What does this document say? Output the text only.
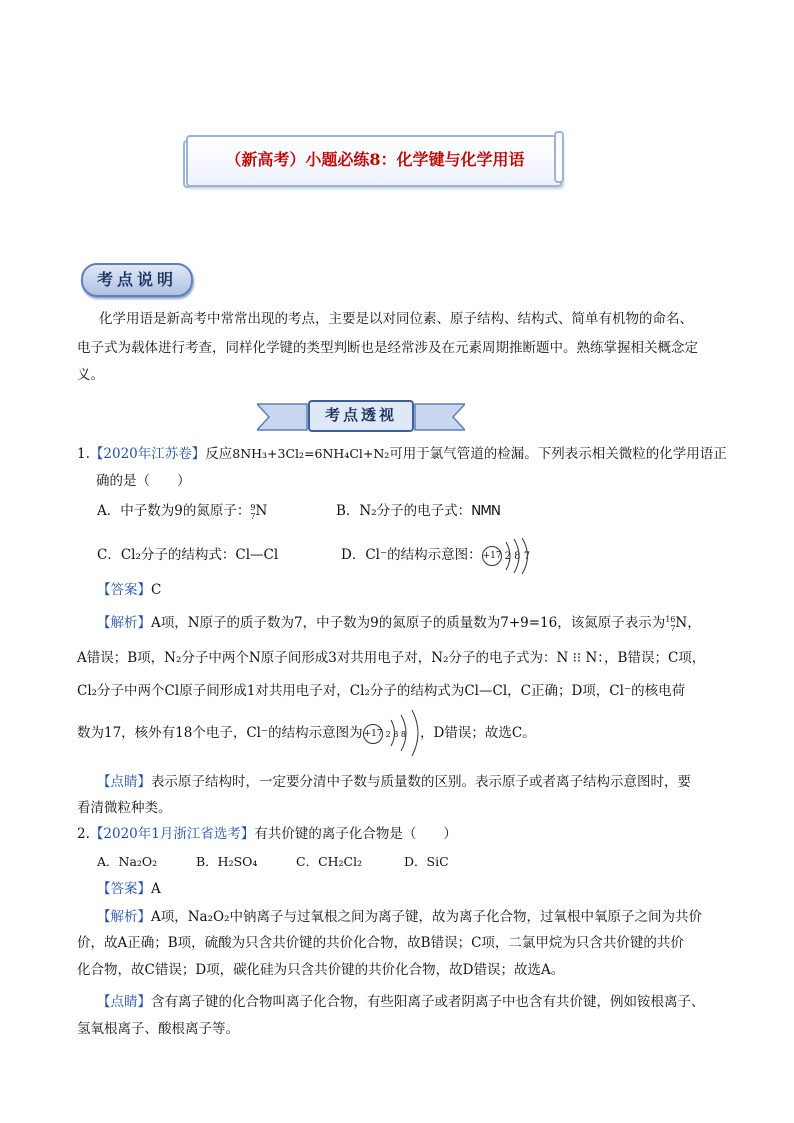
（新高考）小题必练8：化学键与化学用语
考点说明
化学用语是新高考中常常出现的考点，主要是以对同位素、原子结构、结构式、简单有机物的命名、
电子式为载体进行考查，同样化学键的类型判断也是经常涉及在元素周期推断题中。熟练掌握相关概念定
义。
考点透视
1.【2020年江苏卷】反应8NH₃+3Cl₂=6NH₄Cl+N₂可用于氯气管道的检漏。下列表示相关微粒的化学用语正
确的是（　　）
A．中子数为9的氮原子：9
7N	B．N₂分子的电子式：NMN
C．Cl₂分子的结构式：Cl—Cl	D．Cl⁻的结构示意图：+17 2 8 7
【答案】C
【解析】A项，N原子的质子数为7，中子数为9的氮原子的质量数为7+9=16，该氮原子表示为16
7N，
A错误；B项，N₂分子中两个N原子间形成3对共用电子对，N₂分子的电子式为：N ⁝⁝ N：，B错误；C项，
Cl₂分子中两个Cl原子间形成1对共用电子对，Cl₂分子的结构式为Cl—Cl，C正确；D项，Cl⁻的核电荷
数为17，核外有18个电子，Cl⁻的结构示意图为+17 2 8 8 ，D错误；故选C。
【点睛】表示原子结构时，一定要分清中子数与质量数的区别。表示原子或者离子结构示意图时，要
看清微粒种类。
2.【2020年1月浙江省选考】有共价键的离子化合物是（　　）
A．Na₂O₂	B．H₂SO₄	C．CH₂Cl₂	D．SiC
【答案】A
【解析】A项，Na₂O₂中钠离子与过氧根之间为离子键，故为离子化合物，过氧根中氧原子之间为共价
价，故A正确；B项，硫酸为只含共价键的共价化合物，故B错误；C项，二氯甲烷为只含共价键的共价
化合物，故C错误；D项，碳化硅为只含共价键的共价化合物，故D错误；故选A。
【点睛】含有离子键的化合物叫离子化合物，有些阳离子或者阴离子中也含有共价键，例如铵根离子、
氢氧根离子、酸根离子等。
